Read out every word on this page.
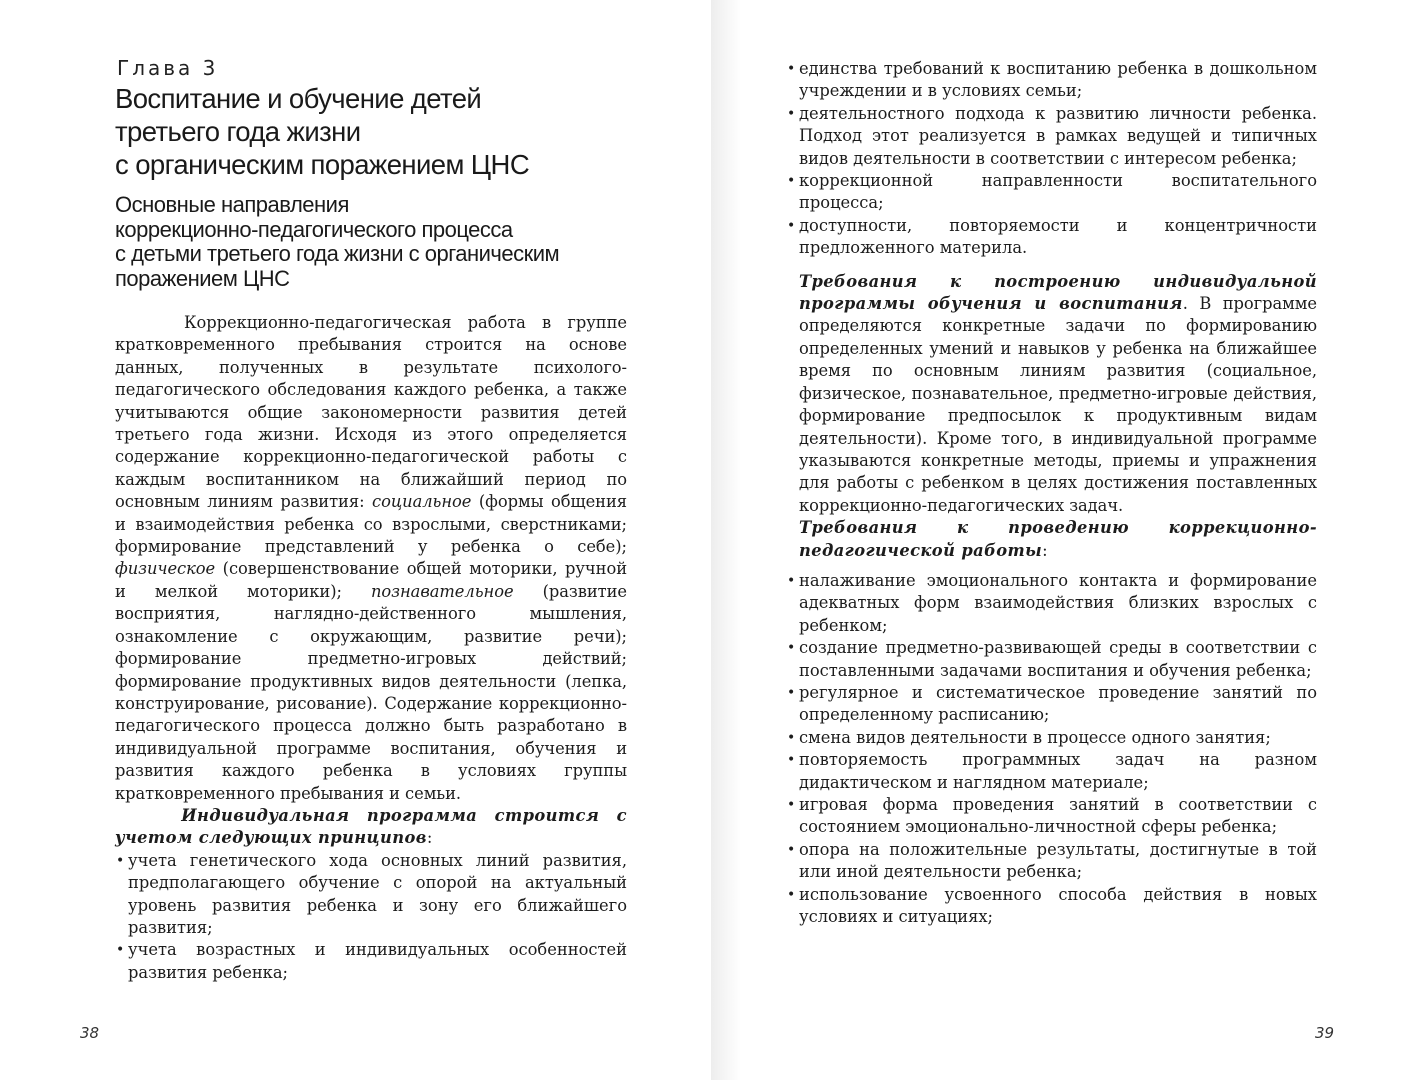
Глава 3
Воспитание и обучение детей
третьего года жизни
с органическим поражением ЦНС
Основные направления
коррекционно-педагогического процесса
с детьми третьего года жизни с органическим
поражением ЦНС

Коррекционно-педагогическая работа в группе кратковременного пребывания строится на основе данных, полученных в результате психолого-педагогического обследования каждого ребенка, а также учитываются общие закономерности развития детей третьего года жизни. Исходя из этого определяется содержание коррекционно-педагогической работы с каждым воспитанником на ближайший период по основным линиям развития: социальное (формы общения и взаимодействия ребенка со взрослыми, сверстниками; формирование представлений у ребенка о себе); физическое (совершенствование общей моторики, ручной и мелкой моторики); познавательное (развитие восприятия, наглядно-действенного мышления, ознакомление с окружающим, развитие речи); формирование предметно-игровых действий; формирование продуктивных видов деятельности (лепка, конструирование, рисование). Содержание коррекционно-педагогического процесса должно быть разработано в индивидуальной программе воспитания, обучения и развития каждого ребенка в условиях группы кратковременного пребывания и семьи.

Индивидуальная программа строится с учетом следующих принципов:

• учета генетического хода основных линий развития, предполагающего обучение с опорой на актуальный уровень развития ребенка и зону его ближайшего развития;
• учета возрастных и индивидуальных особенностей развития ребенка;
38
• единства требований к воспитанию ребенка в дошкольном учреждении и в условиях семьи;
• деятельностного подхода к развитию личности ребенка. Подход этот реализуется в рамках ведущей и типичных видов деятельности в соответствии с интересом ребенка;
• коррекционной направленности воспитательного процесса;
• доступности, повторяемости и концентричности предложенного материла.

Требования к построению индивидуальной программы обучения и воспитания. В программе определяются конкретные задачи по формированию определенных умений и навыков у ребенка на ближайшее время по основным линиям развития (социальное, физическое, познавательное, предметно-игровые действия, формирование предпосылок к продуктивным видам деятельности). Кроме того, в индивидуальной программе указываются конкретные методы, приемы и упражнения для работы с ребенком в целях достижения поставленных коррекционно-педагогических задач.

Требования к проведению коррекционно-педагогической работы:

• налаживание эмоционального контакта и формирование адекватных форм взаимодействия близких взрослых с ребенком;
• создание предметно-развивающей среды в соответствии с поставленными задачами воспитания и обучения ребенка;
• регулярное и систематическое проведение занятий по определенному расписанию;
• смена видов деятельности в процессе одного занятия;
• повторяемость программных задач на разном дидактическом и наглядном материале;
• игровая форма проведения занятий в соответствии с состоянием эмоционально-личностной сферы ребенка;
• опора на положительные результаты, достигнутые в той или иной деятельности ребенка;
• использование усвоенного способа действия в новых условиях и ситуациях;
39
